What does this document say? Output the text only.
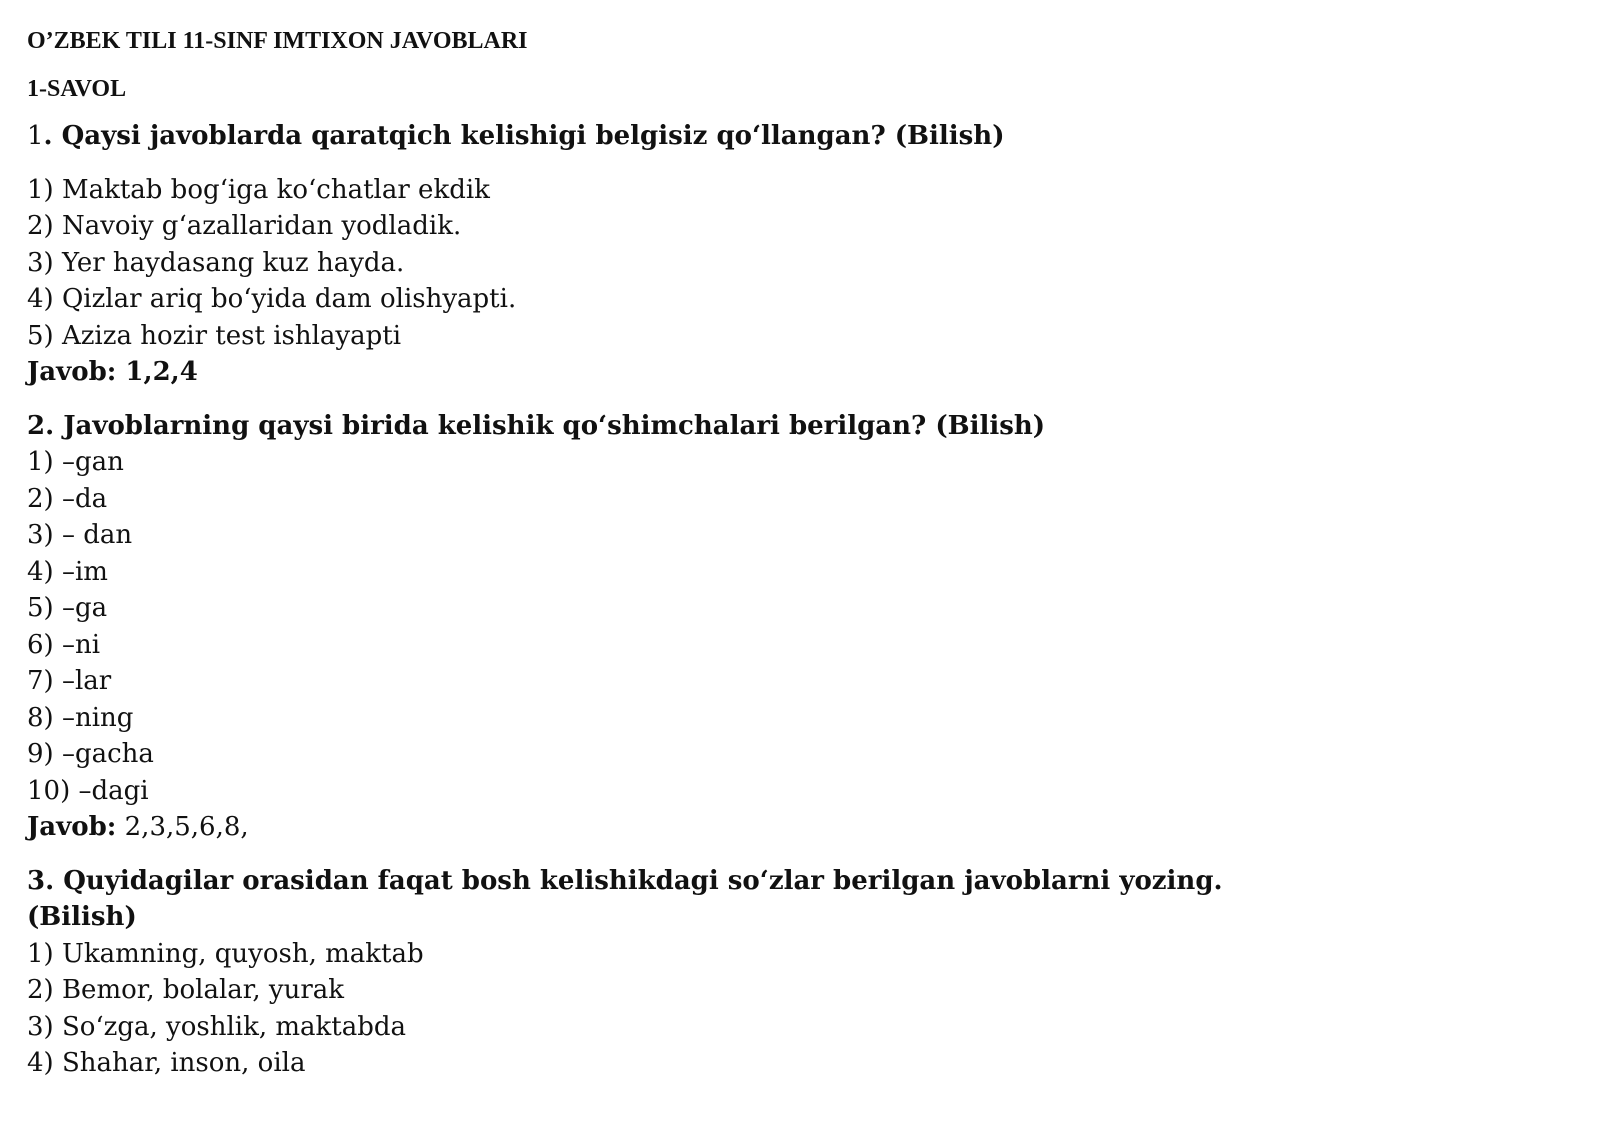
O’ZBEK TILI 11-SINF IMTIXON JAVOBLARI
1-SAVOL
1. Qaysi javoblarda qaratqich kelishigi belgisiz qo‘llangan? (Bilish)
1) Maktab bog‘iga ko‘chatlar ekdik
2) Navoiy g‘azallaridan yodladik.
3) Yer haydasang kuz hayda.
4) Qizlar ariq bo‘yida dam olishyapti.
5) Aziza hozir test ishlayapti
Javob: 1,2,4
2. Javoblarning qaysi birida kelishik qo‘shimchalari berilgan? (Bilish)
1) –gan
2) –da
3) – dan
4) –im
5) –ga
6) –ni
7) –lar
8) –ning
9) –gacha
10) –dagi
Javob: 2,3,5,6,8,
3. Quyidagilar orasidan faqat bosh kelishikdagi so‘zlar berilgan javoblarni yozing.
(Bilish)
1) Ukamning, quyosh, maktab
2) Bemor, bolalar, yurak
3) So‘zga, yoshlik, maktabda
4) Shahar, inson, oila
